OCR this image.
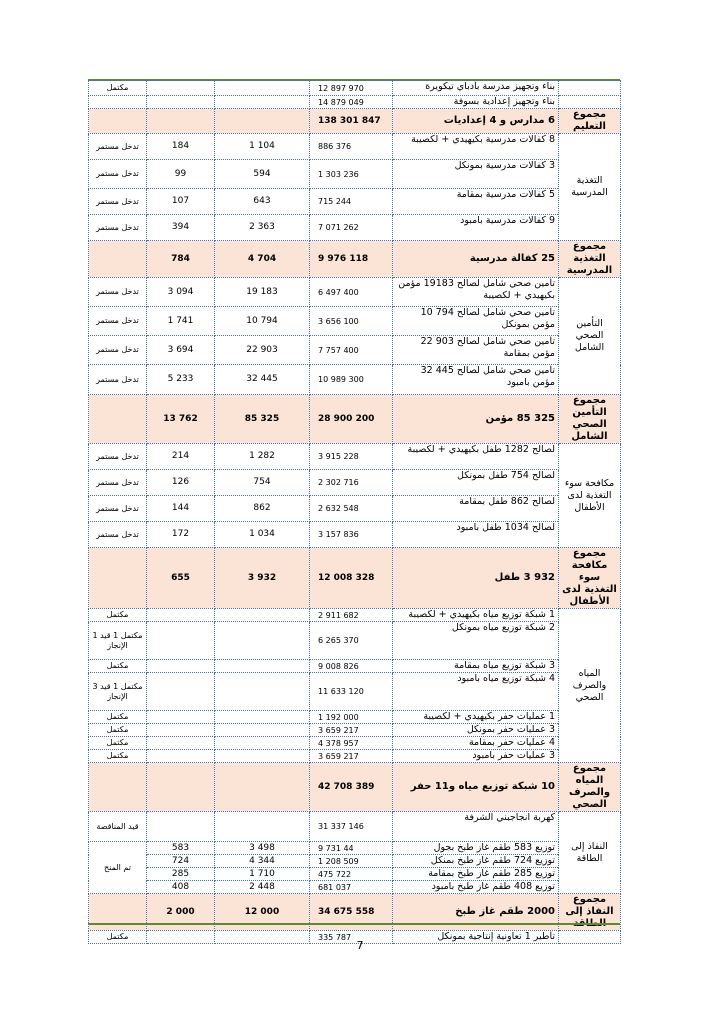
مكتمل			12 897 970	بناء وتجهيز مدرسة بأدباي تيكويرة	
			14 879 049	بناء وتجهيز إعدادية بسوفة	
			138 301 847	6 مدارس و 4 إعداديات	مجموع التعليم
تدخل مستمر	184	1 104	886 376	8 كفالات مدرسية بكيهيدي + لكصيبة	التغذية المدرسية
تدخل مستمر	99	594	1 303 236	3 كفالات مدرسية بمونكل	
تدخل مستمر	107	643	715 244	5 كفالات مدرسية بمقامة	
تدخل مستمر	394	2 363	7 071 262	9 كفالات مدرسية بامبود	
	784	4 704	9 976 118	25 كفالة مدرسية	مجموع التغذية المدرسية
تدخل مستمر	3 094	19 183	6 497 400	تأمين صحي شامل لصالح 19183 مؤمن بكيهيدي + لكصيبة	التأمين الصحي الشامل
تدخل مستمر	1 741	10 794	3 656 100	تأمين صحي شامل لصالح 794 10 مؤمن بمونكل	
تدخل مستمر	3 694	22 903	7 757 400	تأمين صحي شامل لصالح 903 22 مؤمن بمقامة	
تدخل مستمر	5 233	32 445	10 989 300	تأمين صحي شامل لصالح 445 32 مؤمن بامبود	
	13 762	85 325	28 900 200	325 85 مؤمن	مجموع التأمين الصحي الشامل
تدخل مستمر	214	1 282	3 915 228	لصالح 1282 طفل بكيهيدي + لكصيبة	مكافحة سوء التغذية لدى الأطفال
تدخل مستمر	126	754	2 302 716	لصالح 754 طفل بمونكل	
تدخل مستمر	144	862	2 632 548	لصالح 862 طفل بمقامة	
تدخل مستمر	172	1 034	3 157 836	لصالح 1034 طفل بامبود	
	655	3 932	12 008 328	932 3 طفل	مجموع مكافحة سوء التغذية لدى الأطفال
مكتمل			2 911 682	1 شبكة توزيع مياه بكيهيدي + لكصيبة	المياه والصرف الصحي
1 مكتمل 1 قيد الإنجاز			6 265 370	2 شبكة توزيع مياه بمونكل	
مكتمل			9 008 826	3 شبكة توزيع مياه بمقامة	
3 مكتمل 1 قيد الإنجاز			11 633 120	4 شبكة توزيع مياه بامبود	
مكتمل			1 192 000	1 عمليات حفر بكيهيدي + لكصيبة	
مكتمل			3 659 217	3 عمليات حفر بمونكل	
مكتمل			4 378 957	4 عمليات حفر بمقامة	
مكتمل			3 659 217	3 عمليات حفر بامبود	
			42 708 389	10 شبكة توزيع مياه و11 حفر	مجموع المياه والصرف الصحي
قيد المناقصة			31 337 146	كهربة انجاجبني الشرفة	النفاذ إلى الطاقة
تم المنح	583	3 498	9 731 44	توزيع 583 طقم غاز طبخ بجول	
	724	4 344	1 208 509	توزيع 724 طقم غاز طبخ بمنكل	
	285	1 710	475 722	توزيع 285 طقم غاز طبخ بمقامة	
	408	2 448	681 037	توزيع 408 طقم غاز طبخ بامبود	
	2 000	12 000	34 675 558	2000 طقم غاز طبخ	مجموع النفاذ إلى
مكتمل			335 787	تأطير 1 تعاونية إنتاجية بمونكل	
7
